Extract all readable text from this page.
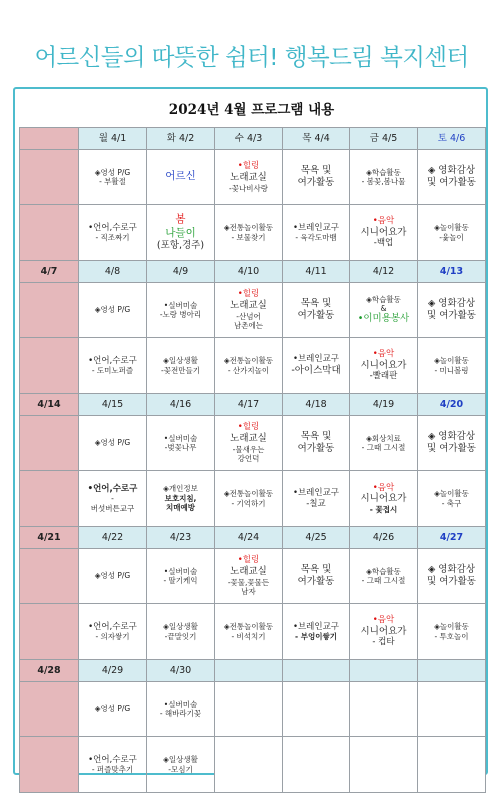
어르신들의 따뜻한 쉼터! 행복드림 복지센터
2024년 4월 프로그램 내용
	월 4/1	화 4/2	수 4/3	목 4/4	금 4/5	토 4/6

	◈영성 P/G
- 부활절	어르신	•힐링
노래교실
-꽃나비사랑	목욕 및
여가활동	◈학습활동
- 봄꽃,봄나물	◈ 영화감상
및 여가활동

	•언어,수로구
- 직조짜기	봄
나들이
(포항,경주)	◈전통놀이활동
- 보물찾기	•브레인교구
- 육각도마뱀	•음악
시니어요가
-백업	◈놀이활동
-윷놀이

4/7	4/8	4/9	4/10	4/11	4/12	4/13

	◈영성 P/G	•실버미술
-노랑 병아리	•힐링
노래교실
-산넘어
남촌에는	목욕 및
여가활동	◈학습활동
&
•이미용봉사	◈ 영화감상
및 여가활동

	•언어,수로구
- 도미노퍼즐	◈일상생활
-꽃전만들기	◈전통놀이활동
- 산가지놀이	•브레인교구
-아이스막대	•음악
시니어요가
-빨래판	◈놀이활동
- 미니볼링

4/14	4/15	4/16	4/17	4/18	4/19	4/20

	◈영성 P/G	•실버미술
-벚꽃나무	•힐링
노래교실
-물새우는
강언덕	목욕 및
여가활동	◈회상치료
- 그때 그시절	◈ 영화감상
및 여가활동

	•언어,수로구
-
버섯버튼교구	◈개인정보
보호지침,
치매예방	◈전통놀이활동
- 기억하기	•브레인교구
-칠교	•음악
시니어요가
- 꽃접시	◈놀이활동
- 축구

4/21	4/22	4/23	4/24	4/25	4/26	4/27

	◈영성 P/G	•실버미술
- 딸기케익	•힐링
노래교실
-꽃물,꽃물든
남자	목욕 및
여가활동	◈학습활동
- 그때 그시절	◈ 영화감상
및 여가활동

	•언어,수로구
- 의자쌓기	◈일상생활
-끝말잇기	◈전통놀이활동
- 비석치기	•브레인교구
- 부엉이쌓기	•음악
시니어요가
- 컵타	◈놀이활동
- 투호놀이

4/28	4/29	4/30				

	◈영성 P/G	•실버미술
- 해바라기꽃				

	•언어,수로구
- 퍼즐맞추기	◈일상생활
-모심기				
